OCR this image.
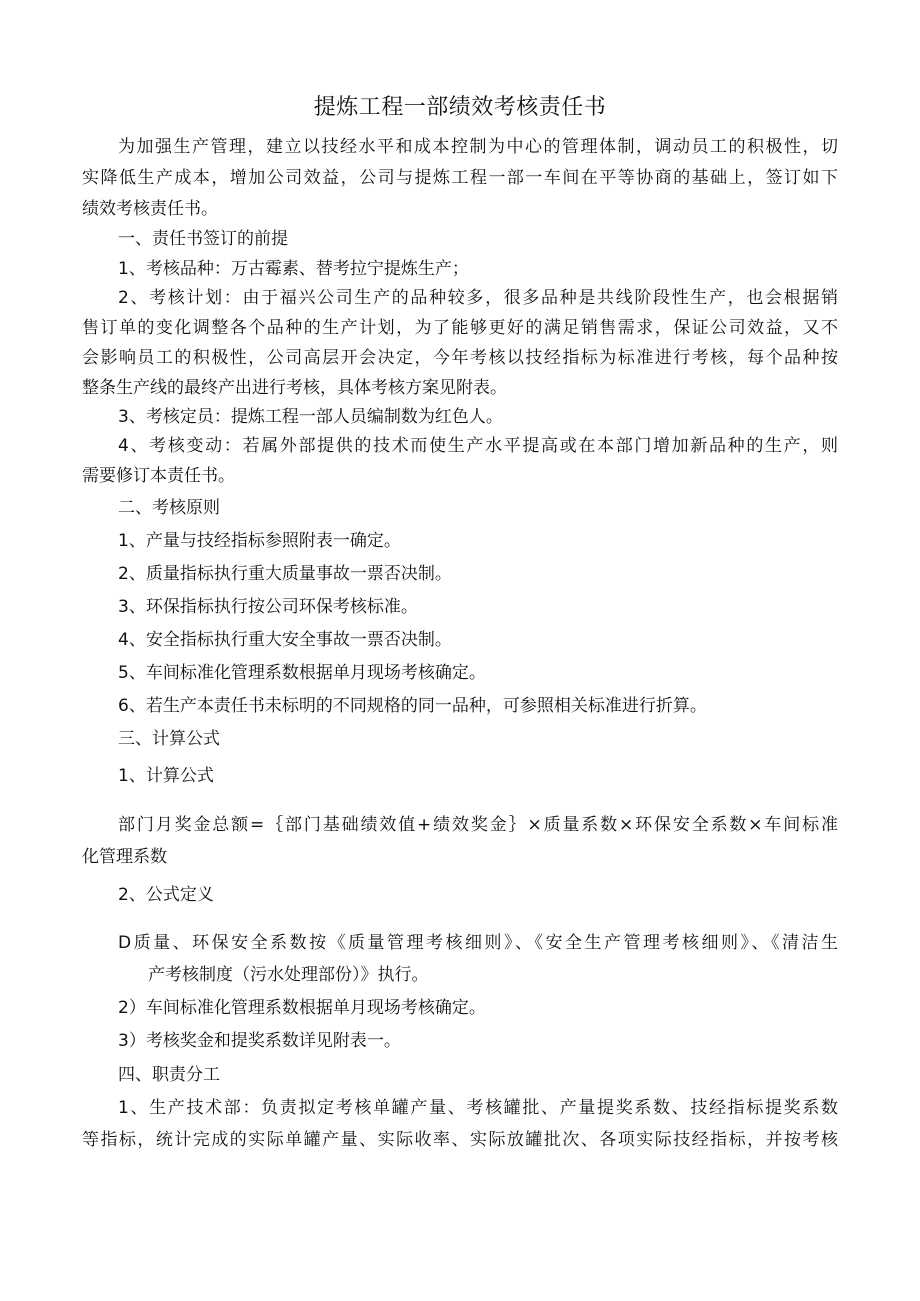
提炼工程一部绩效考核责任书
为加强生产管理，建立以技经水平和成本控制为中心的管理体制，调动员工的积极性，切
实降低生产成本，增加公司效益，公司与提炼工程一部一车间在平等协商的基础上，签订如下
绩效考核责任书。
一、责任书签订的前提
1、考核品种：万古霉素、替考拉宁提炼生产；
2、考核计划：由于福兴公司生产的品种较多，很多品种是共线阶段性生产，也会根据销
售订单的变化调整各个品种的生产计划，为了能够更好的满足销售需求，保证公司效益，又不
会影响员工的积极性，公司高层开会决定，今年考核以技经指标为标准进行考核，每个品种按
整条生产线的最终产出进行考核，具体考核方案见附表。
3、考核定员：提炼工程一部人员编制数为红色人。
4、考核变动：若属外部提供的技术而使生产水平提高或在本部门增加新品种的生产，则
需要修订本责任书。
二、考核原则
1、产量与技经指标参照附表一确定。
2、质量指标执行重大质量事故一票否决制。
3、环保指标执行按公司环保考核标准。
4、安全指标执行重大安全事故一票否决制。
5、车间标准化管理系数根据单月现场考核确定。
6、若生产本责任书未标明的不同规格的同一品种，可参照相关标准进行折算。
三、计算公式
1、计算公式
部门月奖金总额=｛部门基础绩效值+绩效奖金｝×质量系数×环保安全系数×车间标准
化管理系数
2、公式定义
D质量、环保安全系数按《质量管理考核细则》、《安全生产管理考核细则》、《清洁生
产考核制度（污水处理部份）》执行。
2）车间标准化管理系数根据单月现场考核确定。
3）考核奖金和提奖系数详见附表一。
四、职责分工
1、生产技术部：负责拟定考核单罐产量、考核罐批、产量提奖系数、技经指标提奖系数
等指标，统计完成的实际单罐产量、实际收率、实际放罐批次、各项实际技经指标，并按考核
